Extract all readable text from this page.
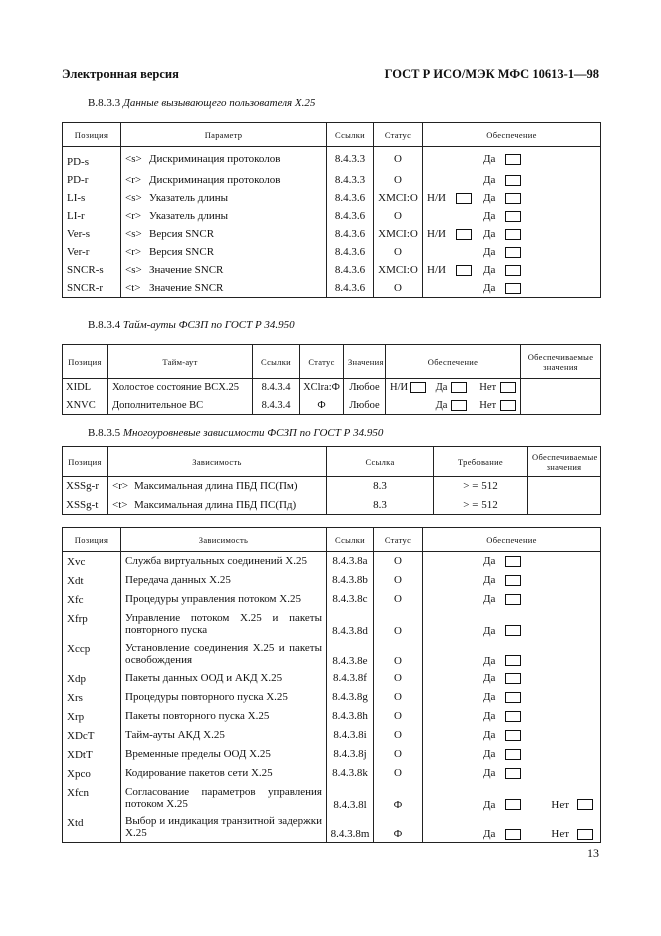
Электронная версия	ГОСТ Р ИСО/МЭК МФС 10613-1—98
В.8.3.3 Данные вызывающего пользователя X.25
Позиция	Параметр	Ссылки	Статус	Обеспечение
PD-s	<s> Дискриминация протоколов	8.4.3.3	O	Да

PD-r	<r> Дискриминация протоколов	8.4.3.3	O	Да

LI-s	<s> Указатель длины	8.4.3.6	XMCI:O	Н/И Да

LI-r	<r> Указатель длины	8.4.3.6	O	Да

Ver-s	<s> Версия SNCR	8.4.3.6	XMCI:O	Н/И Да

Ver-r	<r> Версия SNCR	8.4.3.6	O	Да

SNCR-s	<s> Значение SNCR	8.4.3.6	XMCI:O	Н/И Да

SNCR-r	<t> Значение SNCR	8.4.3.6	O	Да
В.8.3.4 Тайм-ауты ФСЗП по ГОСТ Р 34.950
Позиция	Тайм-аут	Ссылки	Статус	Значения	Обеспечение	Обеспечиваемые значения
XIDL	Холостое состояние ВСX.25	8.4.3.4	XClra:Ф	Любое	Н/И Да Нет	

XNVC	Дополнительное ВС	8.4.3.4	Ф	Любое	Да Нет	

В.8.3.5 Многоуровневые зависимости ФСЗП по ГОСТ Р 34.950
Позиция	Зависимость	Ссылка	Требование	Обеспечиваемые значения
XSSg-r	<r> Максимальная длина ПБД ПС(Пм)	8.3	> = 512	
XSSg-t	<t> Максимальная длина ПБД ПС(Пд)	8.3	> = 512	
Позиция	Зависимость	Ссылки	Статус	Обеспечение
Xvc	Служба виртуальных соединений X.25	8.4.3.8a	O	Да

Xdt	Передача данных X.25	8.4.3.8b	O	Да

Xfc	Процедуры управления потоком X.25	8.4.3.8c	O	Да

Xfrp	Управление потоком X.25 и пакеты повторного пуска	8.4.3.8d	O	Да

Xccp	Установление соединения X.25 и пакеты освобождения	8.4.3.8e	O	Да

Xdp	Пакеты данных ООД и АКД X.25	8.4.3.8f	O	Да

Xrs	Процедуры повторного пуска X.25	8.4.3.8g	O	Да

Xrp	Пакеты повторного пуска X.25	8.4.3.8h	O	Да

XDcT	Тайм-ауты АКД X.25	8.4.3.8i	O	Да

XDtT	Временные пределы ООД X.25	8.4.3.8j	O	Да

Xpco	Кодирование пакетов сети X.25	8.4.3.8k	O	Да

Xfcn	Согласование параметров управления потоком X.25	8.4.3.8l	Ф	Да Нет

Xtd	Выбор и индикация транзитной задержки X.25	8.4.3.8m	Ф	Да Нет
13
